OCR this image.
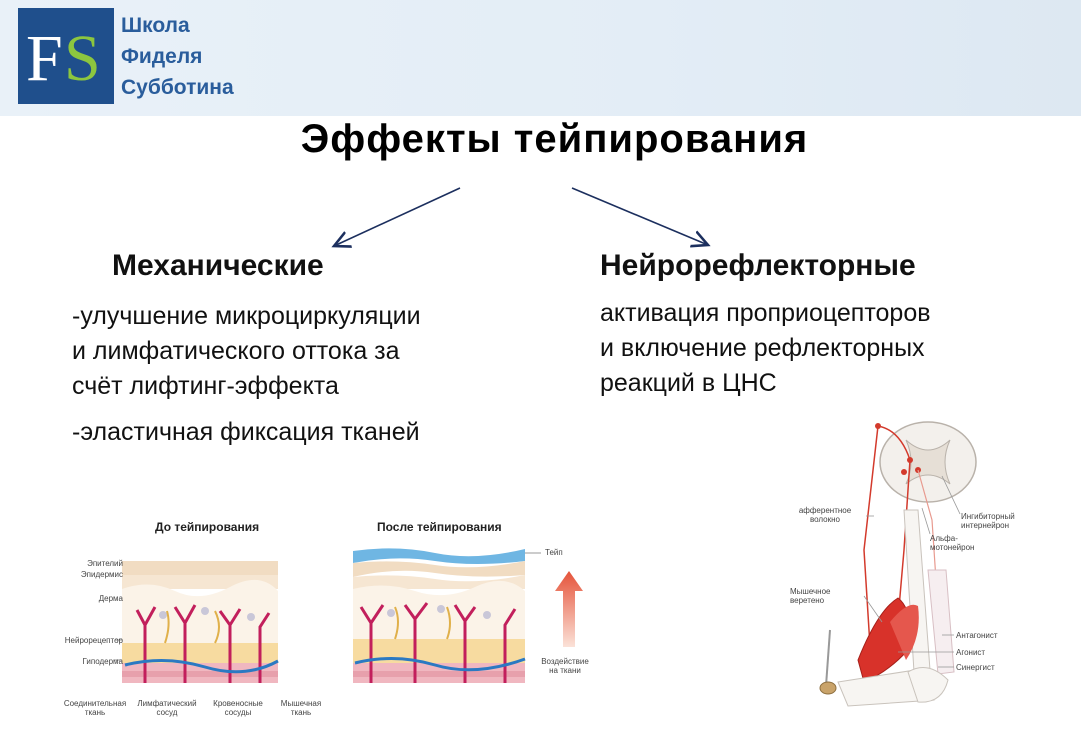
F S Школа
Фиделя
Субботина
Эффекты тейпирования
Механические	Нейрорефлекторные
-улучшение микроциркуляции
и лимфатического оттока за
счёт лифтинг-эффекта
-эластичная фиксация тканей
активация проприоцепторов
и включение рефлекторных
реакций в ЦНС
До тейпирования	После тейпирования
Эпителий
Эпидермис
Дерма
Нейрорецептор
Гиподерма
Соединительная
ткань
Лимфатический
сосуд
Кровеносные
сосуды
Мышечная
ткань
Тейп
Воздействие
на ткани
афферентное
волокно	Ингибиторный
интернейрон
Альфа-
мотонейрон
Мышечное
веретено
Антагонист
Агонист
Синергист
